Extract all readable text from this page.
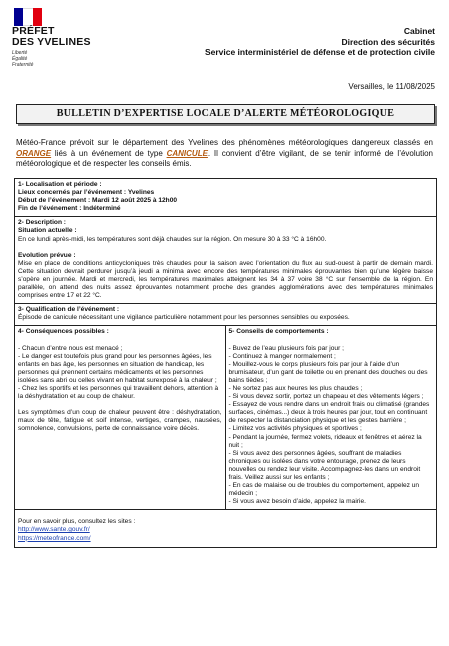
PRÉFET
DES YVELINES
Liberté
Égalité
Fraternité
Cabinet
Direction des sécurités
Service interministériel de défense et de protection civile
Versailles, le 11/08/2025
BULLETIN D’EXPERTISE LOCALE D’ALERTE MÉTÉOROLOGIQUE
Météo-France prévoit sur le département des Yvelines des phénomènes météorologiques dangereux classés en ORANGE liés à un événement de type CANICULE. Il convient d’être vigilant, de se tenir informé de l’évolution météorologique et de respecter les conseils émis.
1- Localisation et période :
Lieux concernés par l’événement : Yvelines
Début de l’événement : Mardi 12 août 2025 à 12h00
Fin de l’événement : Indéterminé
2- Description :
Situation actuelle :
En ce lundi après-midi, les températures sont déjà chaudes sur la région. On mesure 30 à 33 °C à 16h00.
Evolution prévue :
Mise en place de conditions anticycloniques très chaudes pour la saison avec l’orientation du flux au sud-ouest à partir de demain mardi. Cette situation devrait perdurer jusqu’à jeudi a minima avec encore des températures minimales éprouvantes bien qu’une légère baisse s’opère en journée. Mardi et mercredi, les températures maximales atteignent les 34 à 37 voire 38 °C sur l’ensemble de la région. En parallèle, on attend des nuits assez éprouvantes notamment proche des grandes agglomérations avec des températures minimales comprises entre 17 et 22 °C.
3- Qualification de l’événement :
Épisode de canicule nécessitant une vigilance particulière notamment pour les personnes sensibles ou exposées.
4- Conséquences possibles :
- Chacun d’entre nous est menacé ;
- Le danger est toutefois plus grand pour les personnes âgées, les enfants en bas âge, les personnes en situation de handicap, les personnes qui prennent certains médicaments et les personnes isolées sans abri ou celles vivant en habitat surexposé à la chaleur ;
- Chez les sportifs et les personnes qui travaillent dehors, attention à la déshydratation et au coup de chaleur.
Les symptômes d’un coup de chaleur peuvent être : déshydratation, maux de tête, fatigue et soif intense, vertiges, crampes, nausées, somnolence, convulsions, perte de connaissance voire décès.
5- Conseils de comportements :
- Buvez de l’eau plusieurs fois par jour ;
- Continuez à manger normalement ;
- Mouillez-vous le corps plusieurs fois par jour à l’aide d’un brumisateur, d’un gant de toilette ou en prenant des douches ou des bains tièdes ;
- Ne sortez pas aux heures les plus chaudes ;
- Si vous devez sortir, portez un chapeau et des vêtements légers ;
- Essayez de vous rendre dans un endroit frais ou climatisé (grandes surfaces, cinémas...) deux à trois heures par jour, tout en continuant de respecter la distanciation physique et les gestes barrière ;
- Limitez vos activités physiques et sportives ;
- Pendant la journée, fermez volets, rideaux et fenêtres et aérez la nuit ;
- Si vous avez des personnes âgées, souffrant de maladies chroniques ou isolées dans votre entourage, prenez de leurs nouvelles ou rendez leur visite. Accompagnez-les dans un endroit frais. Veillez aussi sur les enfants ;
- En cas de malaise ou de troubles du comportement, appelez un médecin ;
- Si vous avez besoin d’aide, appelez la mairie.
Pour en savoir plus, consultez les sites :
http://www.sante.gouv.fr/
https://meteofrance.com/
